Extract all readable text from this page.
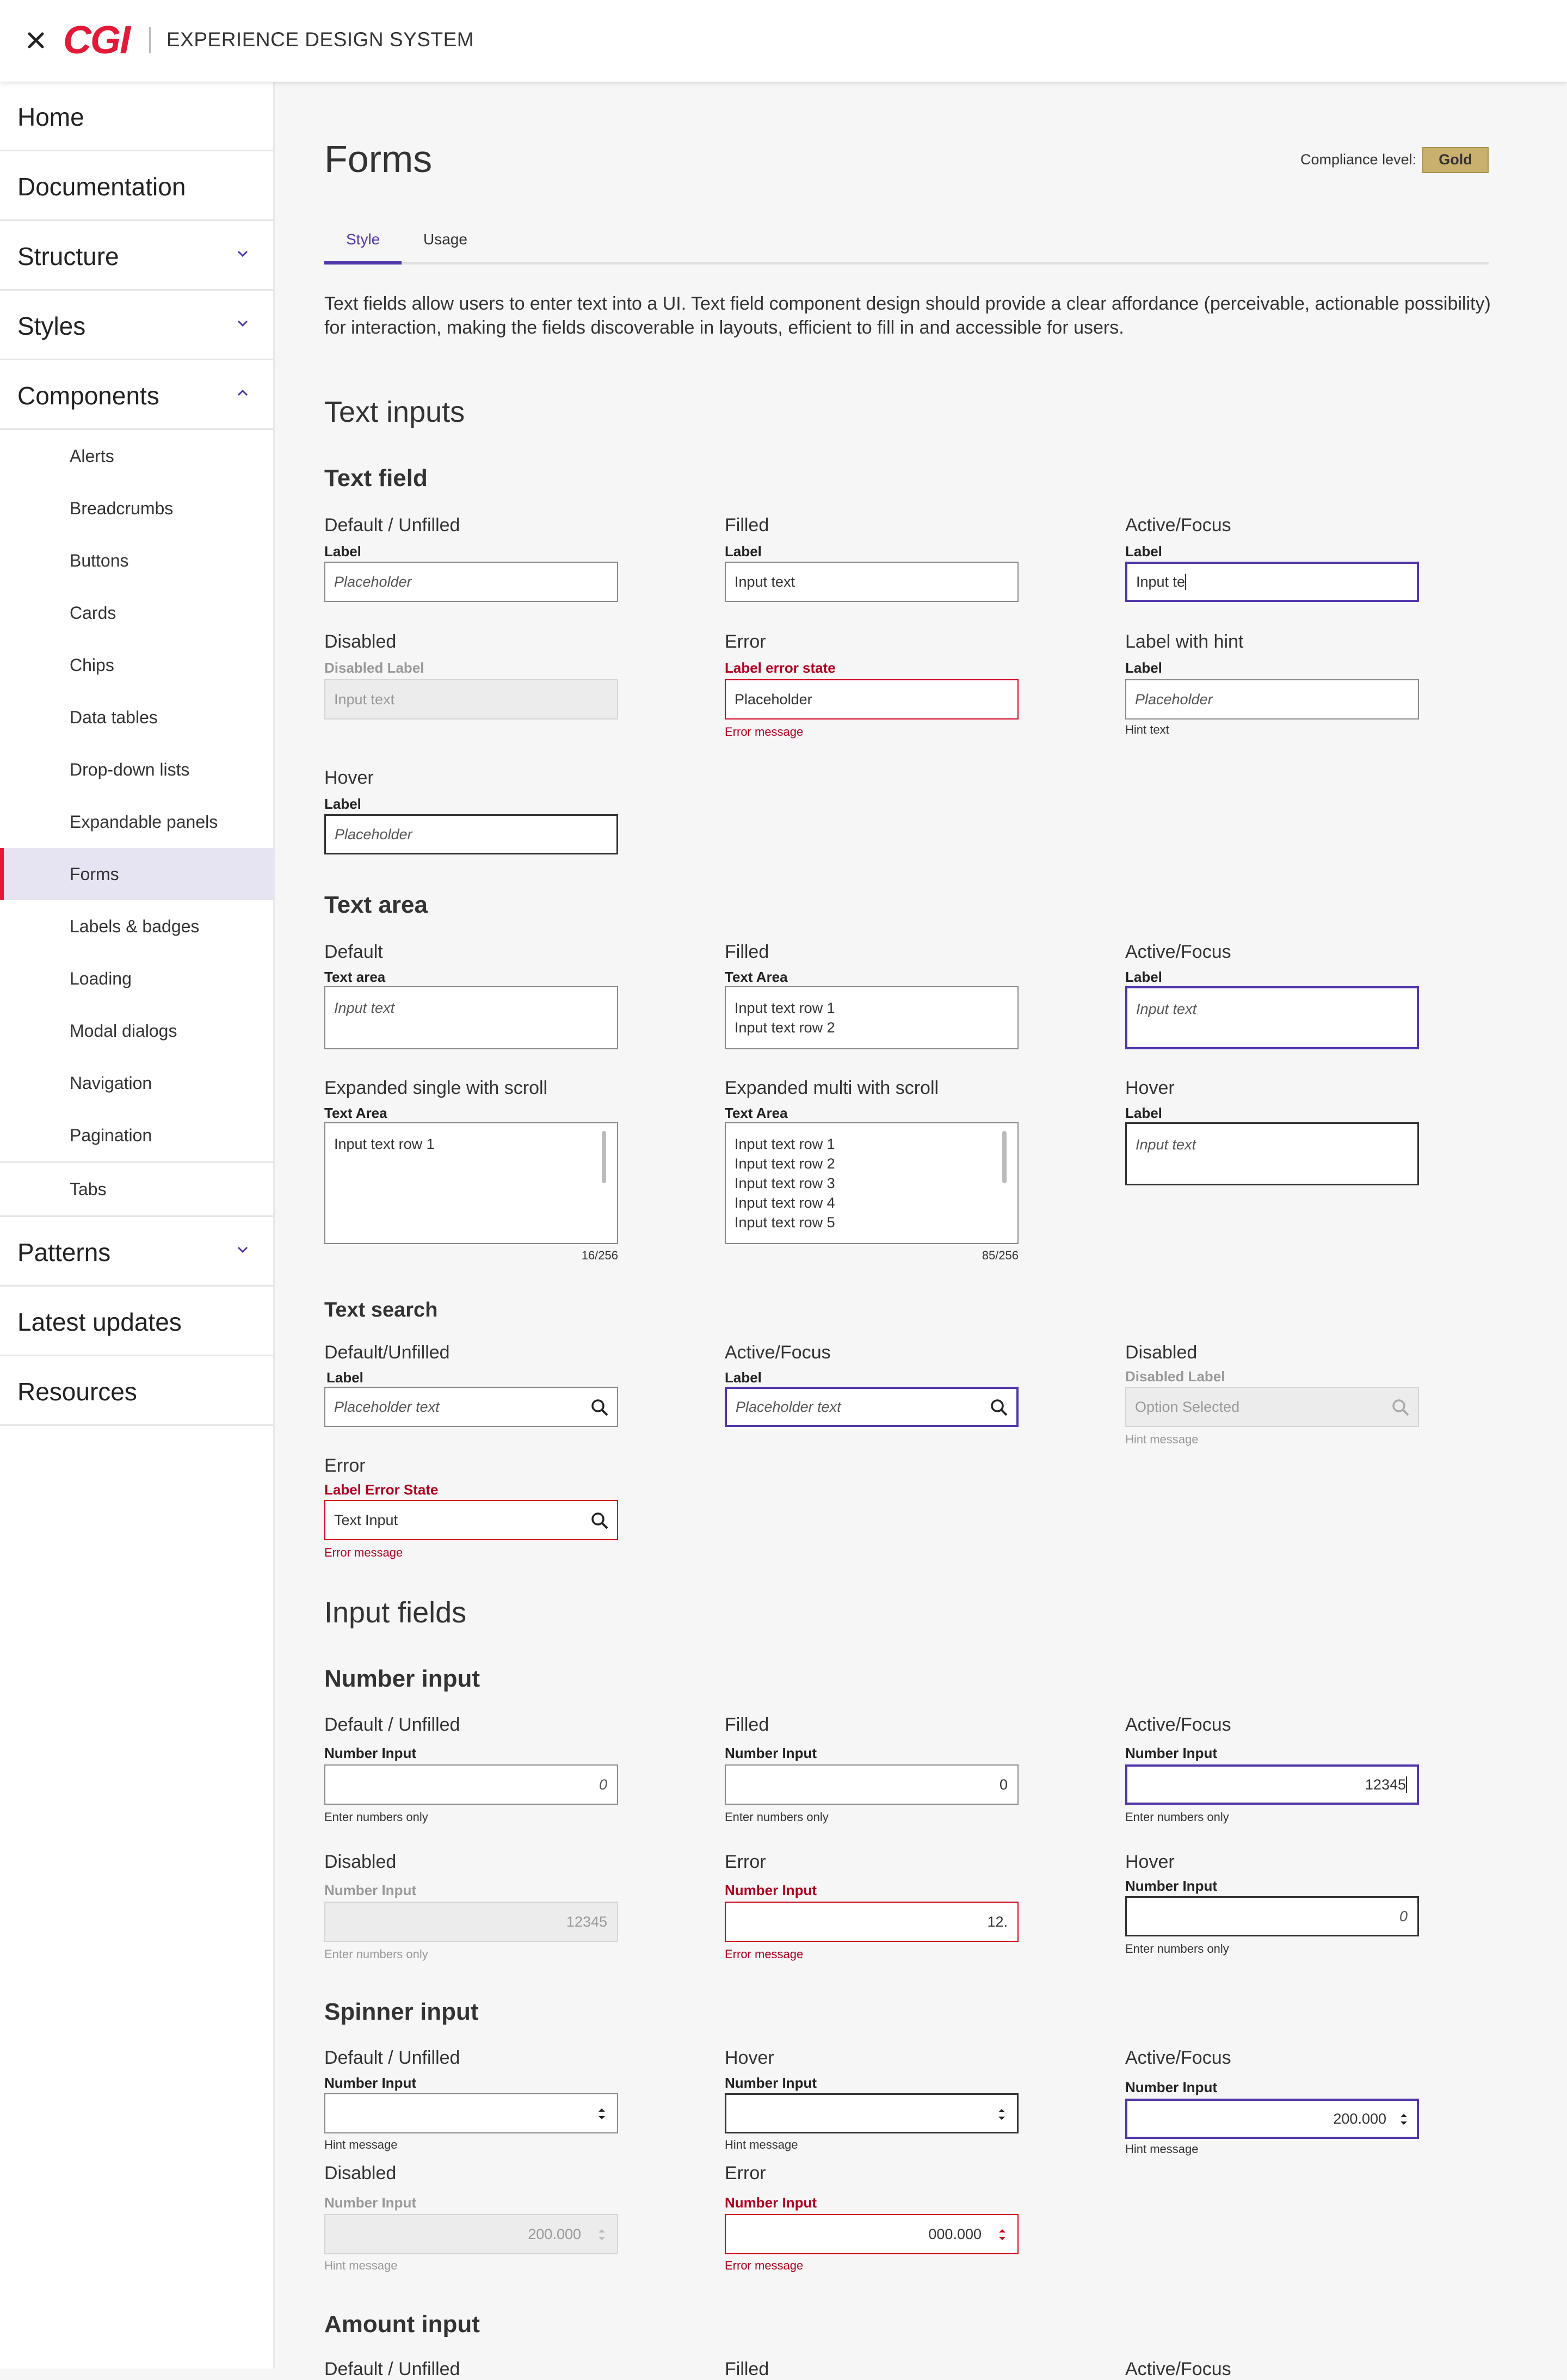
CGI EXPERIENCE DESIGN SYSTEM
Home
Documentation
Structure
Styles
Components
Alerts
Breadcrumbs
Buttons
Cards
Chips
Data tables
Drop-down lists
Expandable panels
Forms
Labels & badges
Loading
Modal dialogs
Navigation
Pagination
Tabs
Patterns
Latest updates
Resources
Forms	Compliance level:	Gold
Style	Usage
Text fields allow users to enter text into a UI. Text field component design should provide a clear affordance (perceivable, actionable possibility) for interaction, making the fields discoverable in layouts, efficient to fill in and accessible for users.
Text inputs
Text field
Default / Unfilled
Label
Placeholder
Filled
Label
Input text
Active/Focus
Label
Input te
Disabled
Disabled Label
Input text
Error
Label error state
Placeholder
Error message
Label with hint
Label
Placeholder
Hint text
Hover
Label
Placeholder
Text area
Default
Text area
Input text
Filled
Text Area
Input text row 1
Input text row 2
Active/Focus
Label
Input text
Expanded single with scroll
Text Area
Input text row 1
16/256
Expanded multi with scroll
Text Area
Input text row 1
Input text row 2
Input text row 3
Input text row 4
Input text row 5
85/256
Hover
Label
Input text
Text search
Default/Unfilled
Label
Placeholder text
Active/Focus
Label
Placeholder text
Disabled
Disabled Label
Option Selected
Hint message
Error
Label Error State
Text Input
Error message
Input fields
Number input
Default / Unfilled
Number Input
0
Enter numbers only
Filled
Number Input
0
Enter numbers only
Active/Focus
Number Input
12345
Enter numbers only
Disabled
Number Input
12345
Enter numbers only
Error
Number Input
12.
Error message
Hover
Number Input
0
Enter numbers only
Spinner input
Default / Unfilled
Number Input
Hint message
Hover
Number Input
Hint message
Active/Focus
Number Input
200.000
Hint message
Disabled
Number Input
200.000
Hint message
Error
Number Input
000.000
Error message
Amount input
Default / Unfilled	Filled	Active/Focus
